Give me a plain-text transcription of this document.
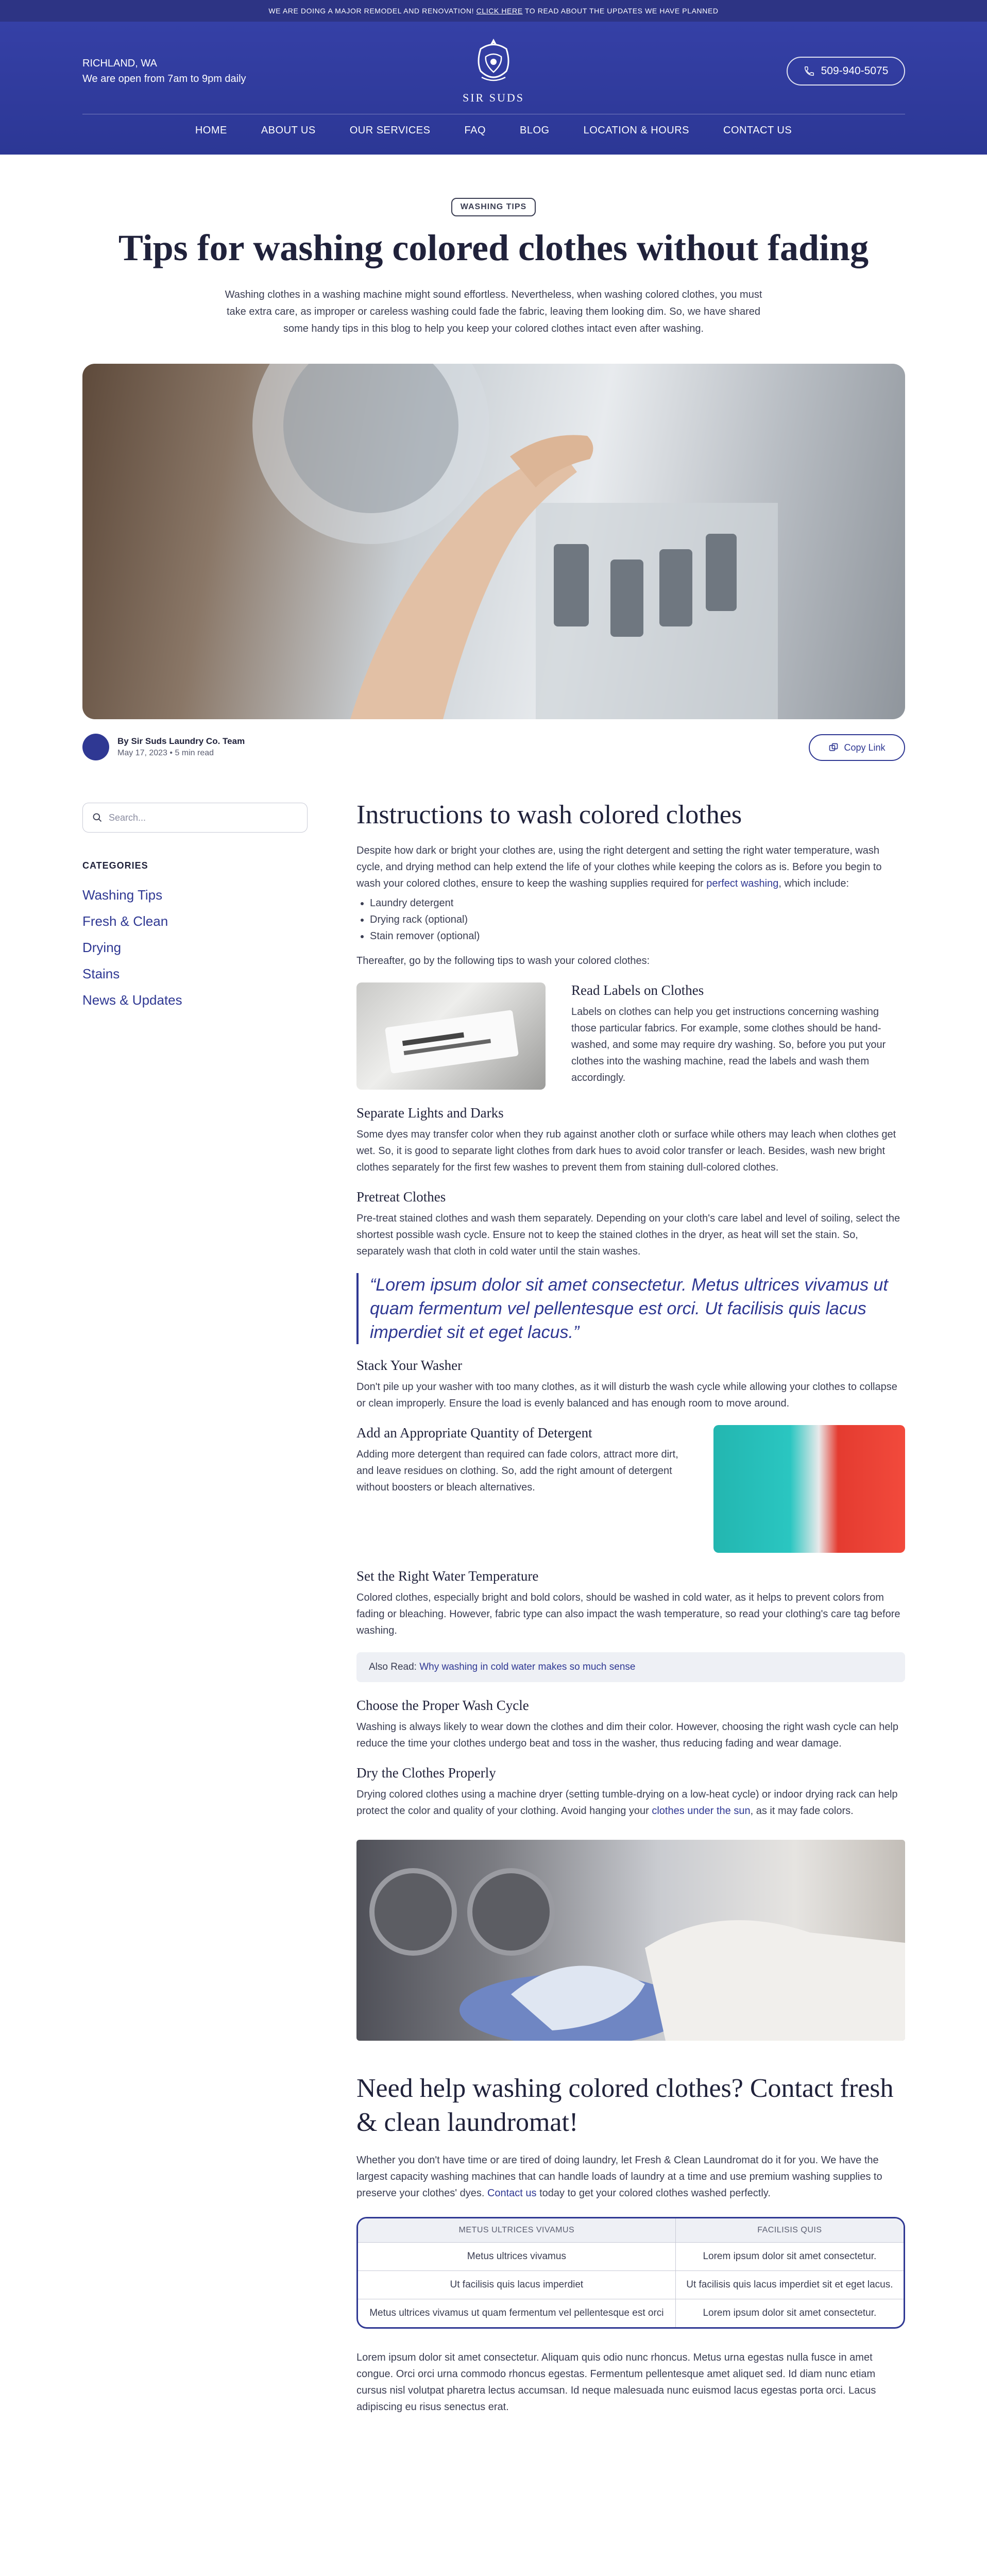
WE ARE DOING A MAJOR REMODEL AND RENOVATION! CLICK HERE TO READ ABOUT THE UPDATES WE HAVE PLANNED
RICHLAND, WA
We are open from 7am to 9pm daily
SIR SUDS
509-940-5075
HOME	ABOUT US	OUR SERVICES	FAQ	BLOG	LOCATION & HOURS	CONTACT US
WASHING TIPS
Tips for washing colored clothes without fading

Washing clothes in a washing machine might sound effortless. Nevertheless, when washing colored clothes, you must take extra care, as improper or careless washing could fade the fabric, leaving them looking dim. So, we have shared some handy tips in this blog to help you keep your colored clothes intact even after washing.

By Sir Suds Laundry Co. Team
May 17, 2023 • 5 min read
Copy Link
Search...
CATEGORIES
Washing Tips
Fresh & Clean
Drying
Stains
News & Updates
Instructions to wash colored clothes

Despite how dark or bright your clothes are, using the right detergent and setting the right water temperature, wash cycle, and drying method can help extend the life of your clothes while keeping the colors as is. Before you begin to wash your colored clothes, ensure to keep the washing supplies required for perfect washing, which include:

• Laundry detergent
• Drying rack (optional)
• Stain remover (optional)

Thereafter, go by the following tips to wash your colored clothes:

Read Labels on Clothes

Labels on clothes can help you get instructions concerning washing those particular fabrics. For example, some clothes should be hand-washed, and some may require dry washing. So, before you put your clothes into the washing machine, read the labels and wash them accordingly.

Separate Lights and Darks

Some dyes may transfer color when they rub against another cloth or surface while others may leach when clothes get wet. So, it is good to separate light clothes from dark hues to avoid color transfer or leach. Besides, wash new bright clothes separately for the first few washes to prevent them from staining dull-colored clothes.

Pretreat Clothes

Pre-treat stained clothes and wash them separately. Depending on your cloth's care label and level of soiling, select the shortest possible wash cycle. Ensure not to keep the stained clothes in the dryer, as heat will set the stain. So, separately wash that cloth in cold water until the stain washes.

“Lorem ipsum dolor sit amet consectetur. Metus ultrices vivamus ut quam fermentum vel pellentesque est orci. Ut facilisis quis lacus imperdiet sit et eget lacus.”
Stack Your Washer

Don't pile up your washer with too many clothes, as it will disturb the wash cycle while allowing your clothes to collapse or clean improperly. Ensure the load is evenly balanced and has enough room to move around.

Add an Appropriate Quantity of Detergent

Adding more detergent than required can fade colors, attract more dirt, and leave residues on clothing. So, add the right amount of detergent without boosters or bleach alternatives.

Set the Right Water Temperature

Colored clothes, especially bright and bold colors, should be washed in cold water, as it helps to prevent colors from fading or bleaching. However, fabric type can also impact the wash temperature, so read your clothing's care tag before washing.

Also Read: Why washing in cold water makes so much sense
Choose the Proper Wash Cycle

Washing is always likely to wear down the clothes and dim their color. However, choosing the right wash cycle can help reduce the time your clothes undergo beat and toss in the washer, thus reducing fading and wear damage.

Dry the Clothes Properly

Drying colored clothes using a machine dryer (setting tumble-drying on a low-heat cycle) or indoor drying rack can help protect the color and quality of your clothing. Avoid hanging your clothes under the sun, as it may fade colors.

Need help washing colored clothes? Contact fresh & clean laundromat!

Whether you don't have time or are tired of doing laundry, let Fresh & Clean Laundromat do it for you. We have the largest capacity washing machines that can handle loads of laundry at a time and use premium washing supplies to preserve your clothes' dyes. Contact us today to get your colored clothes washed perfectly.

METUS ULTRICES VIVAMUS	FACILISIS QUIS
Metus ultrices vivamus	Lorem ipsum dolor sit amet consectetur.
Ut facilisis quis lacus imperdiet	Ut facilisis quis lacus imperdiet sit et eget lacus.
Metus ultrices vivamus ut quam fermentum vel pellentesque est orci	Lorem ipsum dolor sit amet consectetur.

Lorem ipsum dolor sit amet consectetur. Aliquam quis odio nunc rhoncus. Metus urna egestas nulla fusce in amet congue. Orci orci urna commodo rhoncus egestas. Fermentum pellentesque amet aliquet sed. Id diam nunc etiam cursus nisl volutpat pharetra lectus accumsan. Id neque malesuada nunc euismod lacus egestas porta orci. Lacus adipiscing eu risus senectus erat.
